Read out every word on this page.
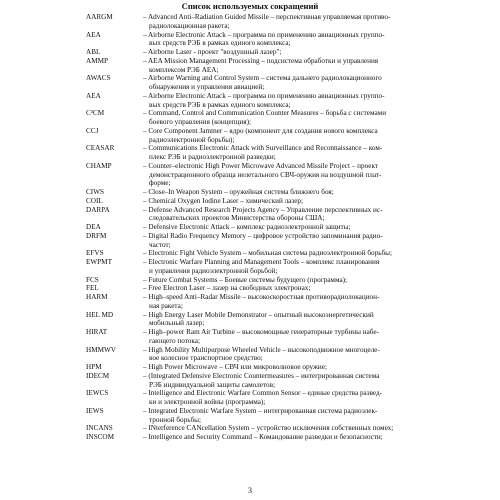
Список используемых сокращений
AARGM	– Advanced Anti–Radiation Guided Missile – перспективная управляемая противо-
радиолокационная ракета;
AEA	– Airborne Electronic Attack – программа по применению авиационных группо-
вых средств РЭБ в рамках единого комплекса;
ABL	– Airborne Laser - проект "воздушный лазер";
AMMP	– AEA Mission Management Processing – подсистема обработки и управления
комплексом РЭБ AEA;
AWACS	– Airborne Warning and Control System – система дальнего радиолокационного
обнаружения и управления авиацией;
AEA	– Airborne Electronic Attack – программа по применению авиационных группо-
вых средств РЭБ в рамках единого комплекса;
C³CM	– Command, Control and Communication Counter Measures – борьба с системами
боевого управления (концепция);
CCJ	– Core Component Jammer – ядро (компонент для создания нового комплекса
радиоэлектронной борьбы);
CEASAR	– Communications Electronic Attack with Surveillance and Reconnaissance – ком-
плекс РЭБ и радиоэлектронной разведки;
CHAMP	– Counter–electronic High Power Microwave Advanced Missile Project – проект
демонстрационного образца нелетального СВЧ-оружия на воздушной плат-
форме;
CIWS	– Close–In Weapon System – оружейная система ближнего боя;
COIL	– Chemical Oxygen Iodine Laser – химический лазер;
DARPA	– Defense Advanced Research Projects Agency – Управление перспективных ис-
следовательских проектов Министерства обороны США;
DEA	– Defensive Electronic Attack – комплекс радиоэлектронной защиты;
DRFM	– Digital Radio Frequency Memory – цифровое устройство запоминания радио-
частот;
EFVS	– Electronic Fight Vehicle System – мобильная система радиоэлектронной борьбы;
EWPMT	– Electronic Warfare Planning and Management Tools – комплекс планирования
и управления радиоэлектронной борьбой;
FCS	– Future Combat Systems – Боевые системы будущего (программа);
FEL	– Free Electron Laser – лазер на свободных электронах;
HARM	– High–speed Anti–Radar Missile – высокоскоростная противорадиолокацион-
ная ракета;
HEL MD	– High Energy Laser Mobile Demonstrator – опытный высокоэнергетический
мобильный лазер;
HIRAT	– High–power Ram Air Turbine – высокомощные генераторные турбины набе-
гающего потока;
HMMWV	– High Mobility Multipurpose Wheeled Vehicle – высокоподвижное многоцеле-
вое колесное транспортное средство;
HPM	– High Power Microwave – СВЧ или микроволновое оружие;
IDECM	– (Integrated Defensive Electronic Countermeasures – интегрированная система
РЭБ индивидуальной защиты самолетов;
IEWCS	– Intelligence and Electronic Warfare Common Sensor – единые средства развед-
ки и электронной войны (программа);
IEWS	– Integrated Electronic Warfare System – интегрированная система радиоэлек-
тронной борьбы;
INCANS	– INterference CANcellation System – устройство исключения собственных помех;
INSCOM	– Intelligence and Security Command – Командование разведки и безопасности;
3
